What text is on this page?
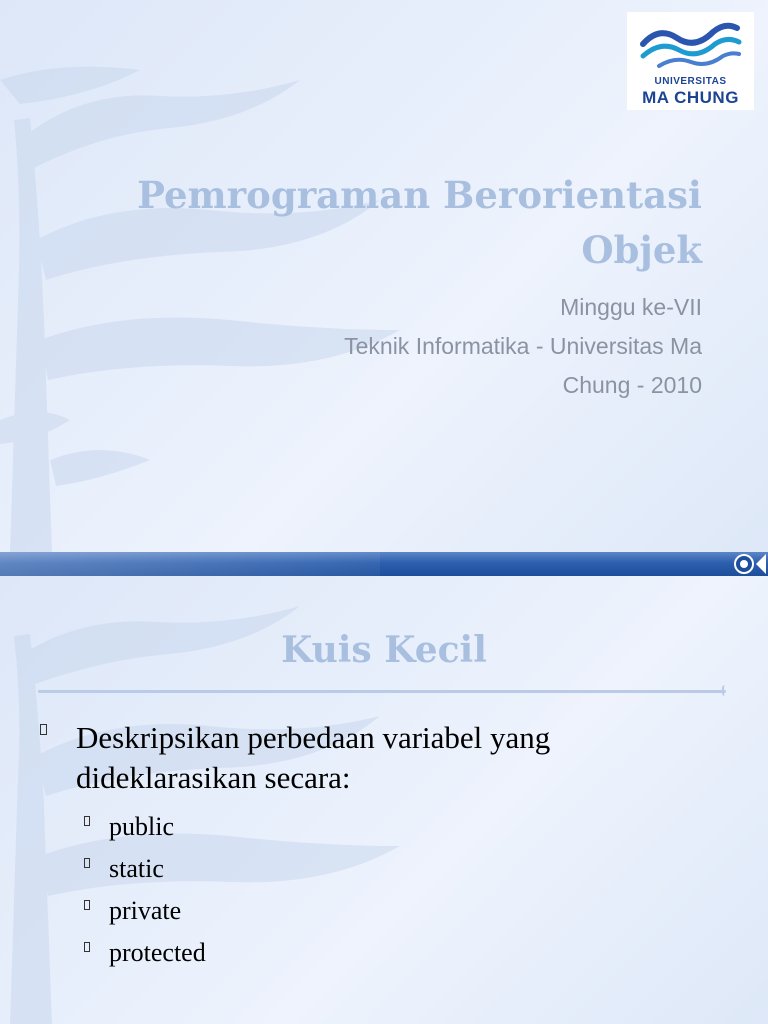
UNIVERSITAS
MA CHUNG
Pemrograman Berorientasi Objek
Minggu ke-VII
Teknik Informatika - Universitas Ma
Chung - 2010
Kuis Kecil
Deskripsikan perbedaan variabel yang dideklarasikan secara:
public
static
private
protected
